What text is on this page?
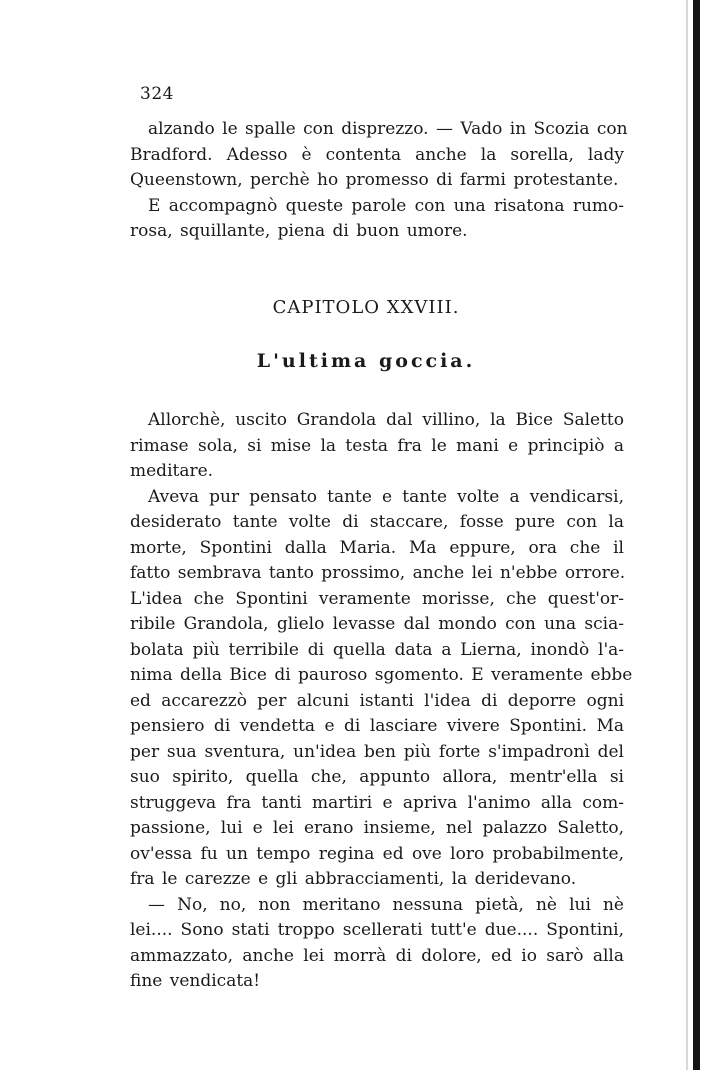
324
alzando le spalle con disprezzo. — Vado in Scozia con
Bradford. Adesso è contenta anche la sorella, lady
Queenstown, perchè ho promesso di farmi protestante.
E accompagnò queste parole con una risatona rumo-
rosa, squillante, piena di buon umore.
CAPITOLO XXVIII.
L'ultima goccia.
Allorchè, uscito Grandola dal villino, la Bice Saletto
rimase sola, si mise la testa fra le mani e principiò a
meditare.
Aveva pur pensato tante e tante volte a vendicarsi,
desiderato tante volte di staccare, fosse pure con la
morte, Spontini dalla Maria. Ma eppure, ora che il
fatto sembrava tanto prossimo, anche lei n'ebbe orrore.
L'idea che Spontini veramente morisse, che quest'or-
ribile Grandola, glielo levasse dal mondo con una scia-
bolata più terribile di quella data a Lierna, inondò l'a-
nima della Bice di pauroso sgomento. E veramente ebbe
ed accarezzò per alcuni istanti l'idea di deporre ogni
pensiero di vendetta e di lasciare vivere Spontini. Ma
per sua sventura, un'idea ben più forte s'impadronì del
suo spirito, quella che, appunto allora, mentr'ella si
struggeva fra tanti martiri e apriva l'animo alla com-
passione, lui e lei erano insieme, nel palazzo Saletto,
ov'essa fu un tempo regina ed ove loro probabilmente,
fra le carezze e gli abbracciamenti, la deridevano.
— No, no, non meritano nessuna pietà, nè lui nè
lei.... Sono stati troppo scellerati tutt'e due.... Spontini,
ammazzato, anche lei morrà di dolore, ed io sarò alla
fine vendicata!
